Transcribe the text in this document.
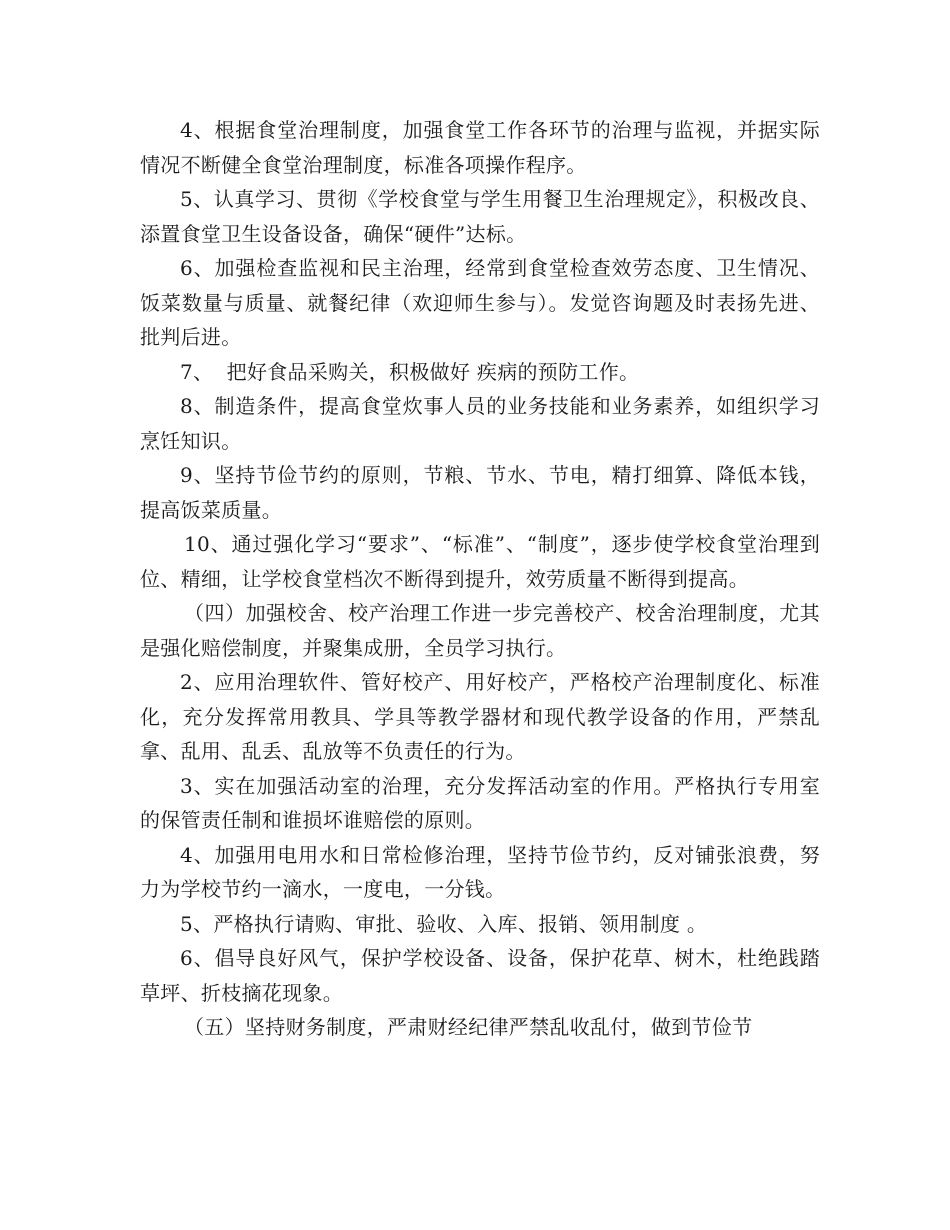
4、根据食堂治理制度，加强食堂工作各环节的治理与监视，并据实际情况不断健全食堂治理制度，标准各项操作程序。

5、认真学习、贯彻《学校食堂与学生用餐卫生治理规定》，积极改良、添置食堂卫生设备设备，确保“硬件”达标。

6、加强检查监视和民主治理，经常到食堂检查效劳态度、卫生情况、饭菜数量与质量、就餐纪律（欢迎师生参与）。发觉咨询题及时表扬先进、批判后进。

7、  把好食品采购关，积极做好 疾病的预防工作。

8、制造条件，提高食堂炊事人员的业务技能和业务素养，如组织学习烹饪知识。

9、坚持节俭节约的原则，节粮、节水、节电，精打细算、降低本钱，提高饭菜质量。

10、通过强化学习“要求”、“标准”、“制度”，逐步使学校食堂治理到位、精细，让学校食堂档次不断得到提升，效劳质量不断得到提高。

（四）加强校舍、校产治理工作进一步完善校产、校舍治理制度，尤其是强化赔偿制度，并聚集成册，全员学习执行。

2、应用治理软件、管好校产、用好校产，严格校产治理制度化、标准化，充分发挥常用教具、学具等教学器材和现代教学设备的作用，严禁乱拿、乱用、乱丢、乱放等不负责任的行为。

3、实在加强活动室的治理，充分发挥活动室的作用。严格执行专用室的保管责任制和谁损坏谁赔偿的原则。

4、加强用电用水和日常检修治理，坚持节俭节约，反对铺张浪费，努力为学校节约一滴水，一度电，一分钱。

5、严格执行请购、审批、验收、入库、报销、领用制度 。

6、倡导良好风气，保护学校设备、设备，保护花草、树木，杜绝践踏草坪、折枝摘花现象。

（五）坚持财务制度，严肃财经纪律严禁乱收乱付，做到节俭节
